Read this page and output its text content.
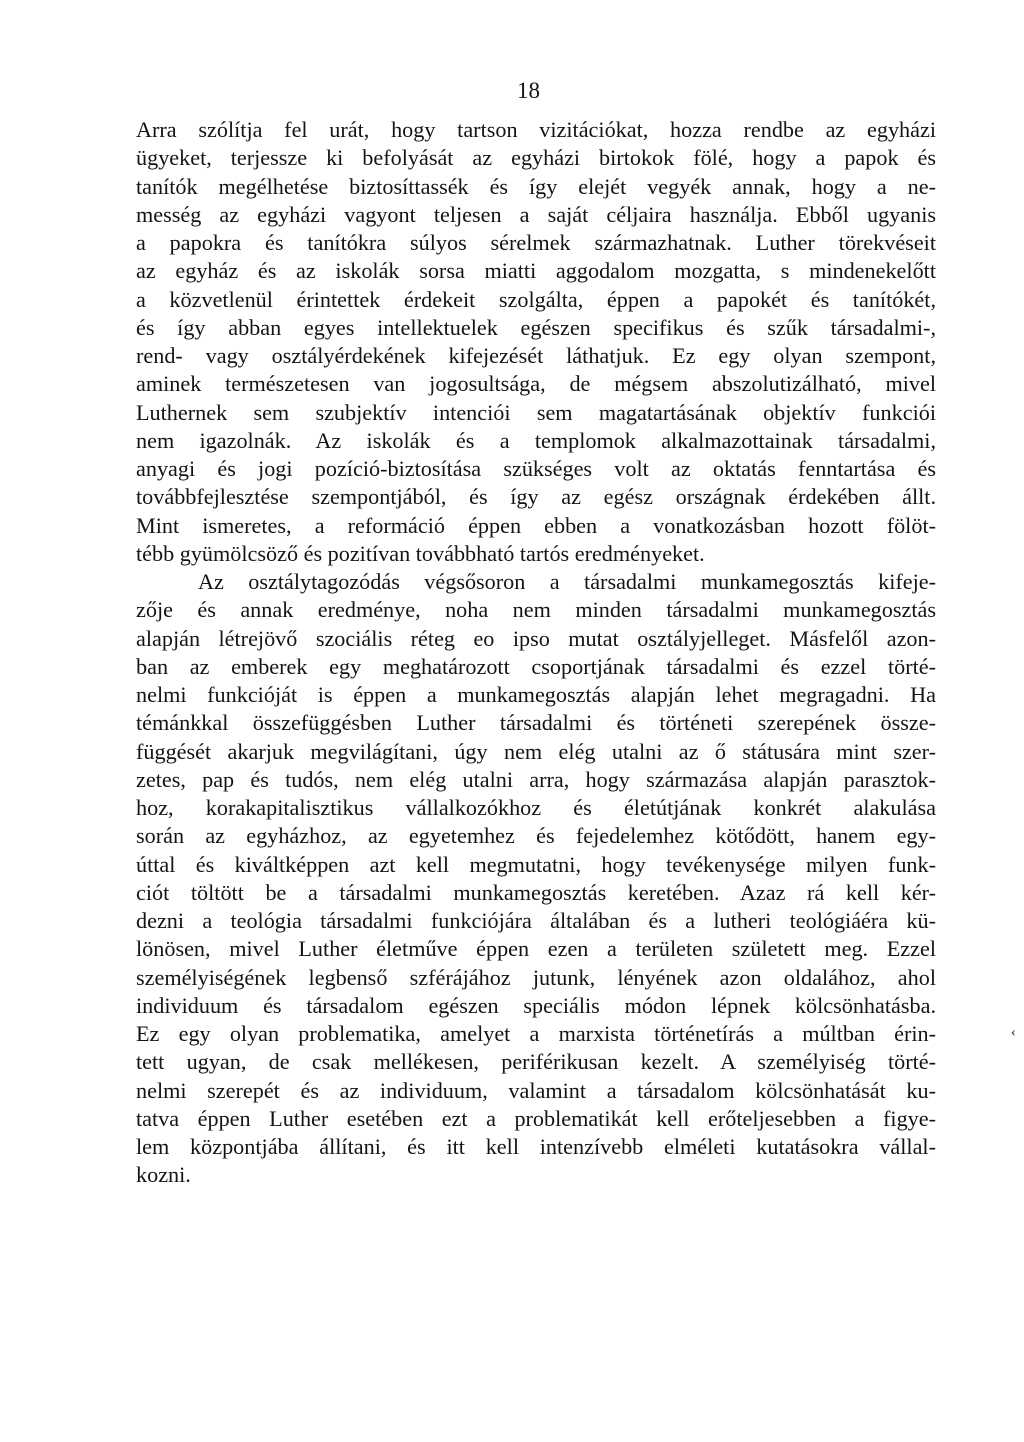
18
Arra szólítja fel urát, hogy tartson vizitációkat, hozza rendbe az egyházi
ügyeket, terjessze ki befolyását az egyházi birtokok fölé, hogy a papok és
tanítók megélhetése biztosíttassék és így elejét vegyék annak, hogy a ne-
messég az egyházi vagyont teljesen a saját céljaira használja. Ebből ugyanis
a papokra és tanítókra súlyos sérelmek származhatnak. Luther törekvéseit
az egyház és az iskolák sorsa miatti aggodalom mozgatta, s mindenekelőtt
a közvetlenül érintettek érdekeit szolgálta, éppen a papokét és tanítókét,
és így abban egyes intellektuelek egészen specifikus és szűk társadalmi-,
rend- vagy osztályérdekének kifejezését láthatjuk. Ez egy olyan szempont,
aminek természetesen van jogosultsága, de mégsem abszolutizálható, mivel
Luthernek sem szubjektív intenciói sem magatartásának objektív funkciói
nem igazolnák. Az iskolák és a templomok alkalmazottainak társadalmi,
anyagi és jogi pozíció-biztosítása szükséges volt az oktatás fenntartása és
továbbfejlesztése szempontjából, és így az egész országnak érdekében állt.
Mint ismeretes, a reformáció éppen ebben a vonatkozásban hozott fölöt-
tébb gyümölcsöző és pozitívan továbbható tartós eredményeket.
Az osztálytagozódás végsősoron a társadalmi munkamegosztás kifeje-
zője és annak eredménye, noha nem minden társadalmi munkamegosztás
alapján létrejövő szociális réteg eo ipso mutat osztályjelleget. Másfelől azon-
ban az emberek egy meghatározott csoportjának társadalmi és ezzel törté-
nelmi funkcióját is éppen a munkamegosztás alapján lehet megragadni. Ha
témánkkal összefüggésben Luther társadalmi és történeti szerepének össze-
függését akarjuk megvilágítani, úgy nem elég utalni az ő státusára mint szer-
zetes, pap és tudós, nem elég utalni arra, hogy származása alapján parasztok-
hoz, korakapitalisztikus vállalkozókhoz és életútjának konkrét alakulása
során az egyházhoz, az egyetemhez és fejedelemhez kötődött, hanem egy-
úttal és kiváltképpen azt kell megmutatni, hogy tevékenysége milyen funk-
ciót töltött be a társadalmi munkamegosztás keretében. Azaz rá kell kér-
dezni a teológia társadalmi funkciójára általában és a lutheri teológiáéra kü-
lönösen, mivel Luther életműve éppen ezen a területen született meg. Ezzel
személyiségének legbenső szférájához jutunk, lényének azon oldalához, ahol
individuum és társadalom egészen speciális módon lépnek kölcsönhatásba.
Ez egy olyan problematika, amelyet a marxista történetírás a múltban érin-
tett ugyan, de csak mellékesen, periférikusan kezelt. A személyiség törté-
nelmi szerepét és az individuum, valamint a társadalom kölcsönhatását ku-
tatva éppen Luther esetében ezt a problematikát kell erőteljesebben a figye-
lem központjába állítani, és itt kell intenzívebb elméleti kutatásokra vállal-
kozni.
‹
